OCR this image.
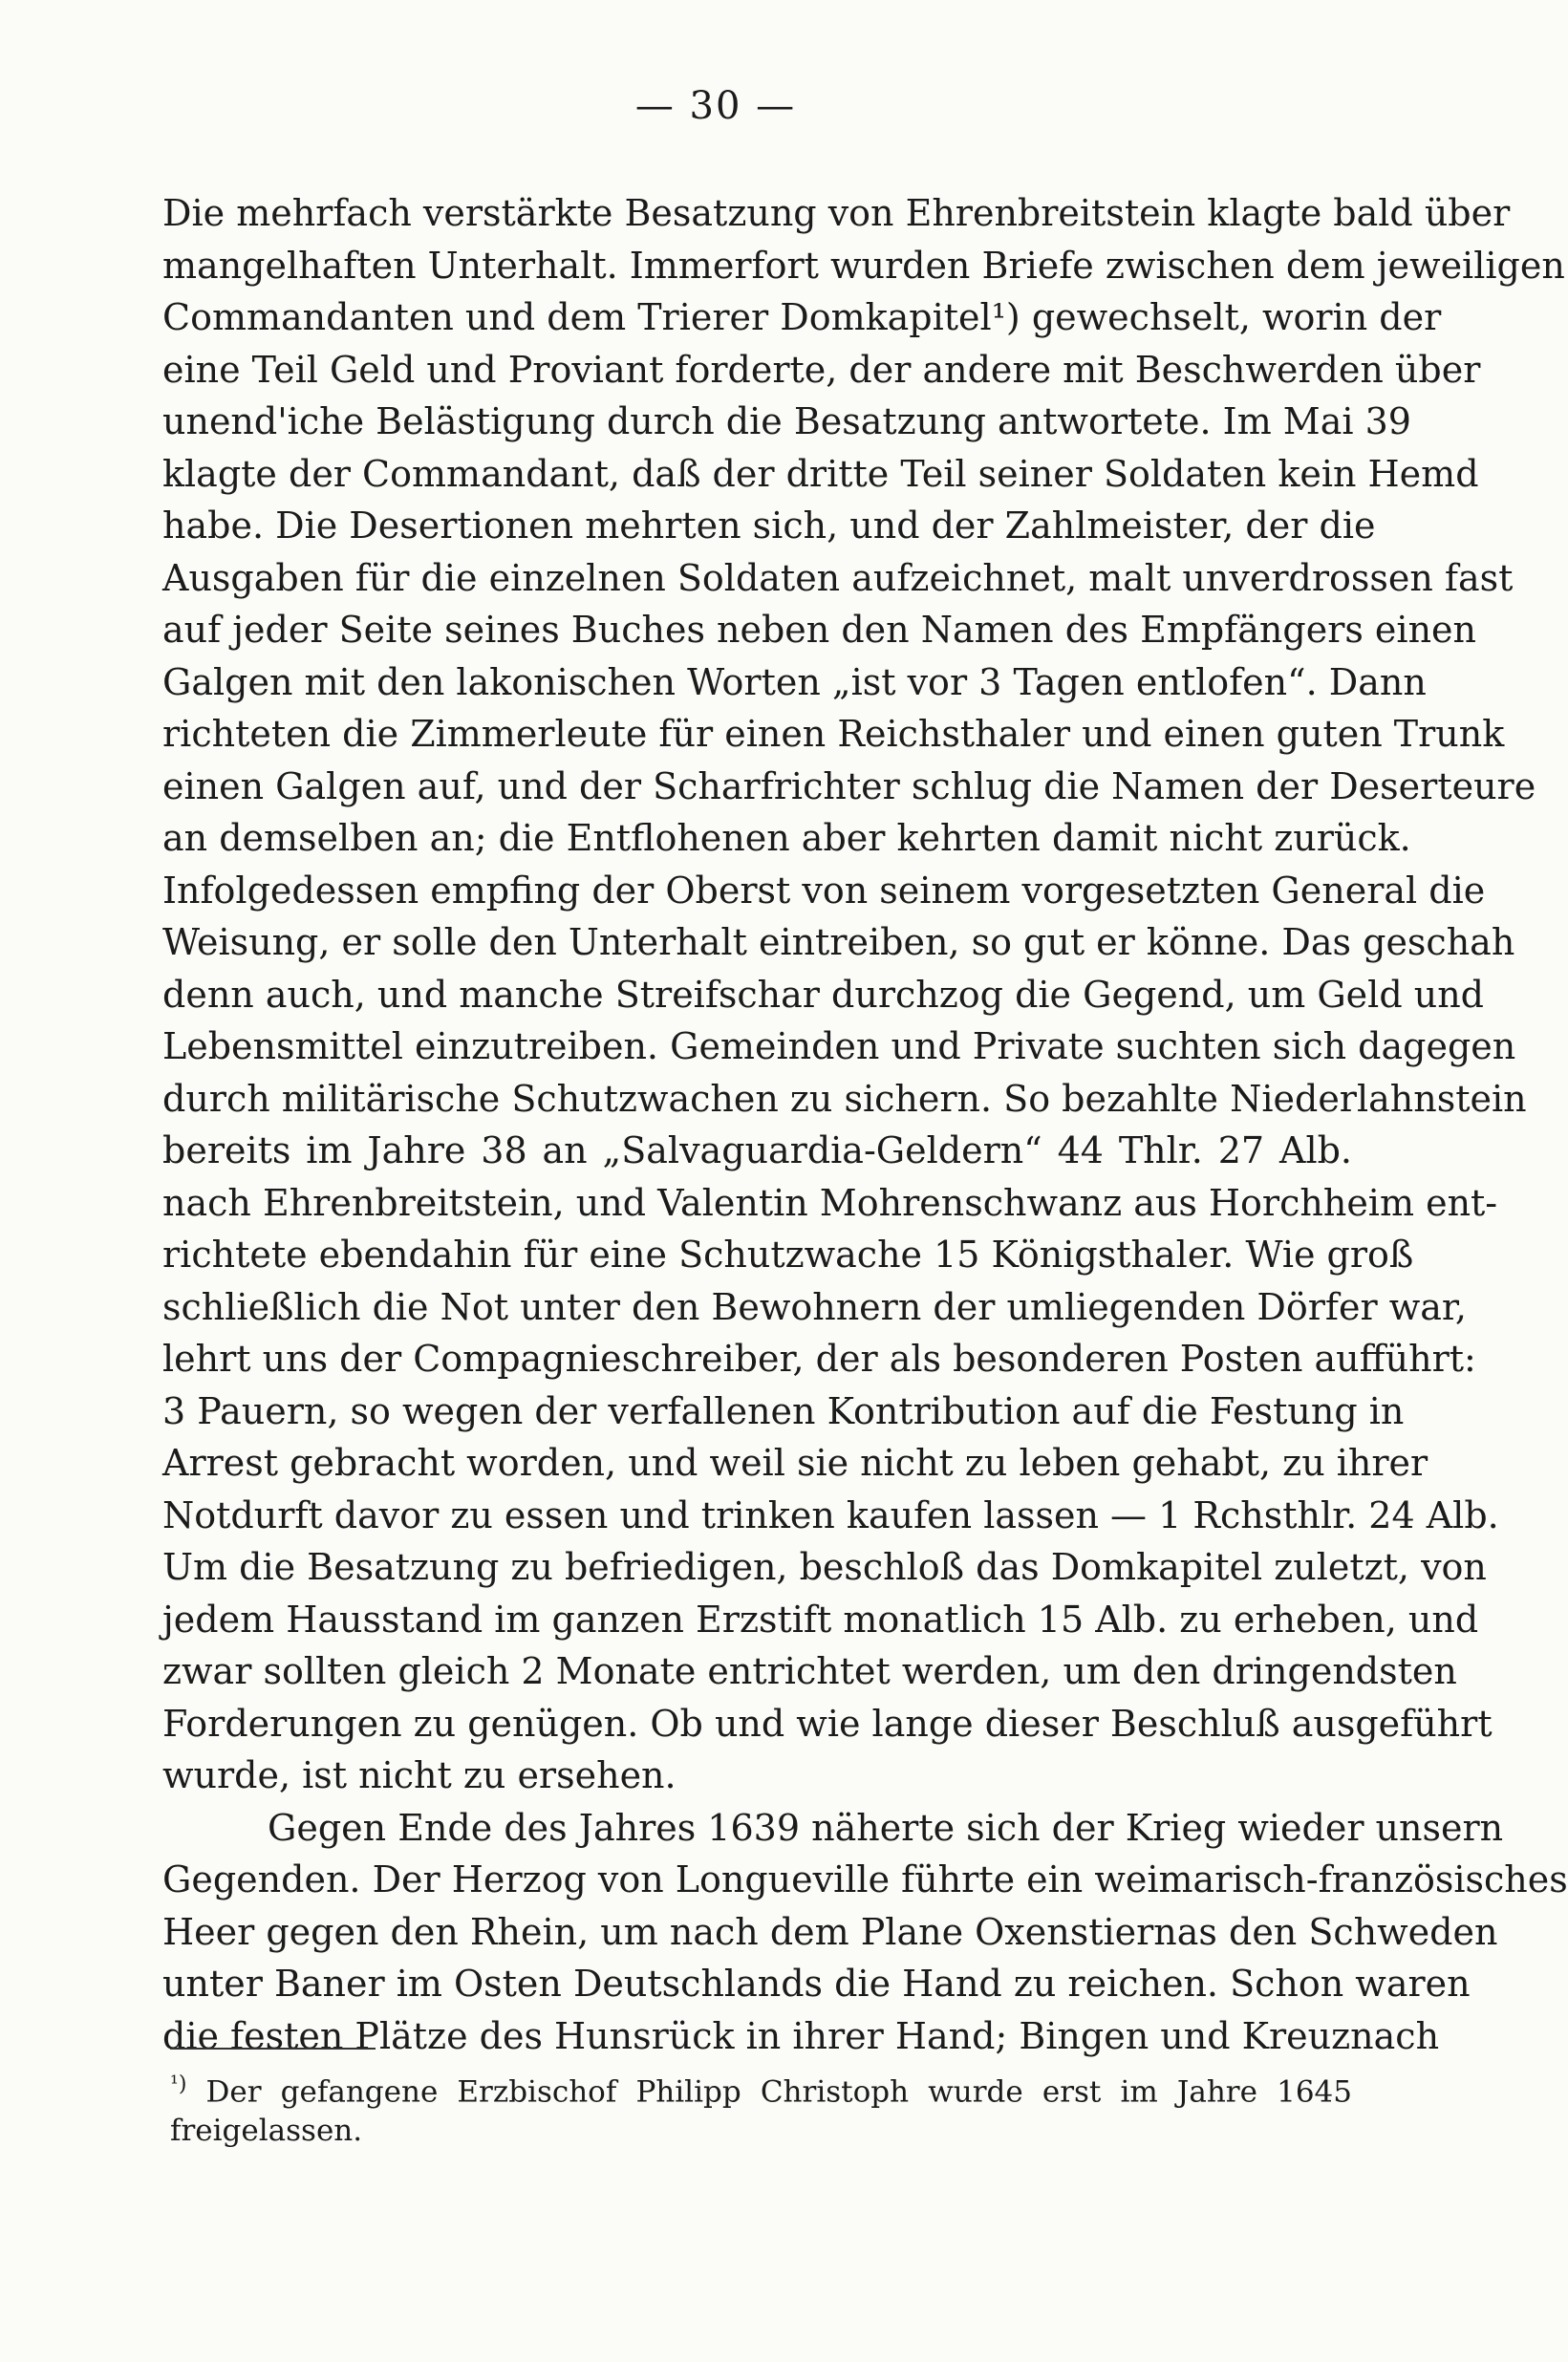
— 30 —
Die mehrfach verstärkte Besatzung von Ehrenbreitstein klagte bald über
mangelhaften Unterhalt. Immerfort wurden Briefe zwischen dem jeweiligen
Commandanten und dem Trierer Domkapitel¹) gewechselt, worin der
eine Teil Geld und Proviant forderte, der andere mit Beschwerden über
unend'iche Belästigung durch die Besatzung antwortete. Im Mai 39
klagte der Commandant, daß der dritte Teil seiner Soldaten kein Hemd
habe. Die Desertionen mehrten sich, und der Zahlmeister, der die
Ausgaben für die einzelnen Soldaten aufzeichnet, malt unverdrossen fast
auf jeder Seite seines Buches neben den Namen des Empfängers einen
Galgen mit den lakonischen Worten „ist vor 3 Tagen entlofen“. Dann
richteten die Zimmerleute für einen Reichsthaler und einen guten Trunk
einen Galgen auf, und der Scharfrichter schlug die Namen der Deserteure
an demselben an; die Entflohenen aber kehrten damit nicht zurück.
Infolgedessen empfing der Oberst von seinem vorgesetzten General die
Weisung, er solle den Unterhalt eintreiben, so gut er könne. Das geschah
denn auch, und manche Streifschar durchzog die Gegend, um Geld und
Lebensmittel einzutreiben. Gemeinden und Private suchten sich dagegen
durch militärische Schutzwachen zu sichern. So bezahlte Niederlahnstein
bereits im Jahre 38 an „Salvaguardia-Geldern“ 44 Thlr. 27 Alb.
nach Ehrenbreitstein, und Valentin Mohrenschwanz aus Horchheim ent-
richtete ebendahin für eine Schutzwache 15 Königsthaler. Wie groß
schließlich die Not unter den Bewohnern der umliegenden Dörfer war,
lehrt uns der Compagnieschreiber, der als besonderen Posten aufführt:
3 Pauern, so wegen der verfallenen Kontribution auf die Festung in
Arrest gebracht worden, und weil sie nicht zu leben gehabt, zu ihrer
Notdurft davor zu essen und trinken kaufen lassen — 1 Rchsthlr. 24 Alb.
Um die Besatzung zu befriedigen, beschloß das Domkapitel zuletzt, von
jedem Hausstand im ganzen Erzstift monatlich 15 Alb. zu erheben, und
zwar sollten gleich 2 Monate entrichtet werden, um den dringendsten
Forderungen zu genügen. Ob und wie lange dieser Beschluß ausgeführt
wurde, ist nicht zu ersehen.
Gegen Ende des Jahres 1639 näherte sich der Krieg wieder unsern
Gegenden. Der Herzog von Longueville führte ein weimarisch-französisches
Heer gegen den Rhein, um nach dem Plane Oxenstiernas den Schweden
unter Baner im Osten Deutschlands die Hand zu reichen. Schon waren
die festen Plätze des Hunsrück in ihrer Hand; Bingen und Kreuznach
$^{^1)}$ Der gefangene Erzbischof Philipp Christoph wurde erst im Jahre 1645
freigelassen.
